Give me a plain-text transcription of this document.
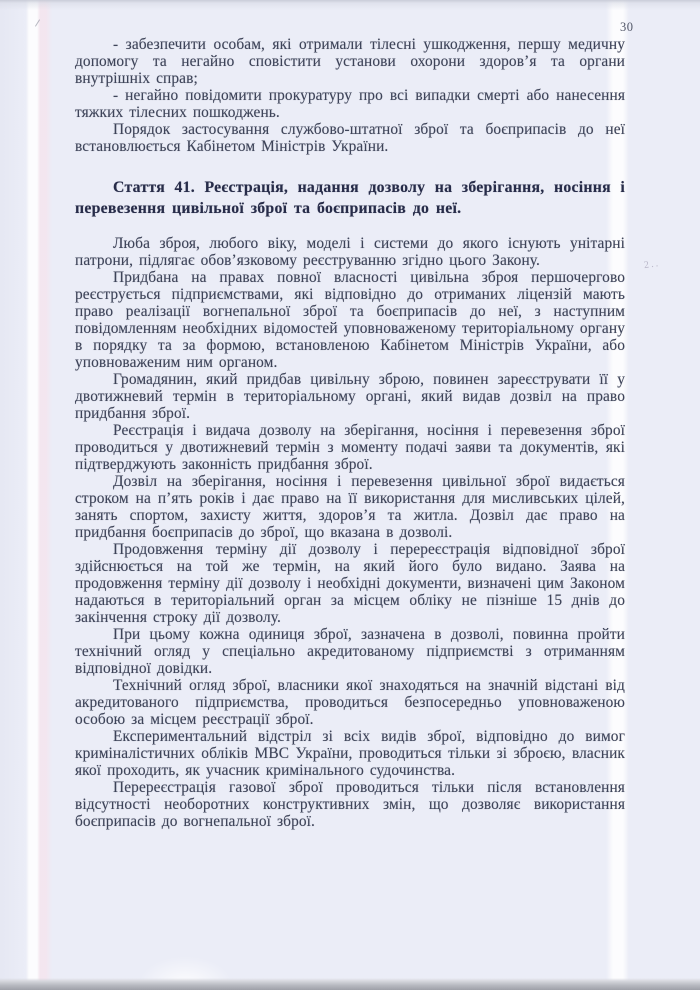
30
2..

- забезпечити особам, які отримали тілесні ушкодження, першу медичну допомогу та негайно сповістити установи охорони здоров’я та органи внутрішніх справ;

- негайно повідомити прокуратуру про всі випадки смерті або нанесення тяжких тілесних пошкоджень.

Порядок застосування службово-штатної зброї та боєприпасів до неї встановлюється Кабінетом Міністрів України.

Стаття 41. Реєстрація, надання дозволу на зберігання, носіння і перевезення цивільної зброї та боєприпасів до неї.

Люба зброя, любого віку, моделі і системи до якого існують унітарні патрони, підлягає обов’язковому реєструванню згідно цього Закону.

Придбана на правах повної власності цивільна зброя першочергово реєструється підприємствами, які відповідно до отриманих ліцензій мають право реалізації вогнепальної зброї та боєприпасів до неї, з наступним повідомленням необхідних відомостей уповноваженому територіальному органу в порядку та за формою, встановленою Кабінетом Міністрів України, або уповноваженим ним органом.

Громадянин, який придбав цивільну зброю, повинен зареєструвати її у двотижневий термін в територіальному органі, який видав дозвіл на право придбання зброї.

Реєстрація і видача дозволу на зберігання, носіння і перевезення зброї проводиться у двотижневий термін з моменту подачі заяви та документів, які підтверджують законність придбання зброї.

Дозвіл на зберігання, носіння і перевезення цивільної зброї видається строком на п’ять років і дає право на її використання для мисливських цілей, занять спортом, захисту життя, здоров’я та житла. Дозвіл дає право на придбання боєприпасів до зброї, що вказана в дозволі.

Продовження терміну дії дозволу і перереєстрація відповідної зброї здійснюється на той же термін, на який його було видано. Заява на продовження терміну дії дозволу і необхідні документи, визначені цим Законом надаються в територіальний орган за місцем обліку не пізніше 15 днів до закінчення строку дії дозволу.

При цьому кожна одиниця зброї, зазначена в дозволі, повинна пройти технічний огляд у спеціально акредитованому підприємстві з отриманням відповідної довідки.

Технічний огляд зброї, власники якої знаходяться на значній відстані від акредитованого підприємства, проводиться безпосередньо уповноваженою особою за місцем реєстрації зброї.

Експериментальний відстріл зі всіх видів зброї, відповідно до вимог криміналістичних обліків МВС України, проводиться тільки зі зброєю, власник якої проходить, як учасник кримінального судочинства.

Перереєстрація газової зброї проводиться тільки після встановлення відсутності необоротних конструктивних змін, що дозволяє використання боєприпасів до вогнепальної зброї.
